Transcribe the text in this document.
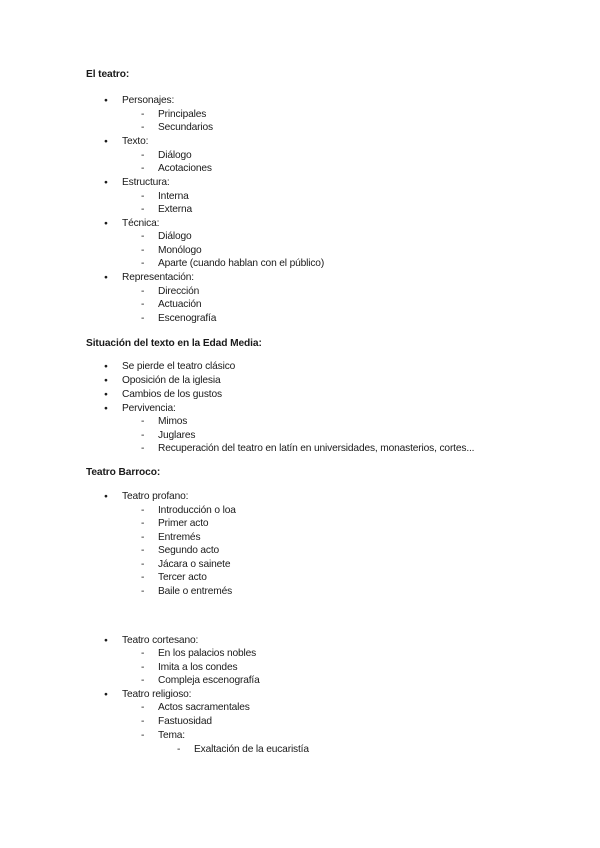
El teatro:
● Personajes:
- Principales
- Secundarios
● Texto:
- Diálogo
- Acotaciones
● Estructura:
- Interna
- Externa
● Técnica:
- Diálogo
- Monólogo
- Aparte (cuando hablan con el público)
● Representación:
- Dirección
- Actuación
- Escenografía
Situación del texto en la Edad Media:
● Se pierde el teatro clásico
● Oposición de la iglesia
● Cambios de los gustos
● Pervivencia:
- Mimos
- Juglares
- Recuperación del teatro en latín en universidades, monasterios, cortes...
Teatro Barroco:
● Teatro profano:
- Introducción o loa
- Primer acto
- Entremés
- Segundo acto
- Jácara o sainete
- Tercer acto
- Baile o entremés
● Teatro cortesano:
- En los palacios nobles
- Imita a los condes
- Compleja escenografía
● Teatro religioso:
- Actos sacramentales
- Fastuosidad
- Tema:
- Exaltación de la eucaristía
